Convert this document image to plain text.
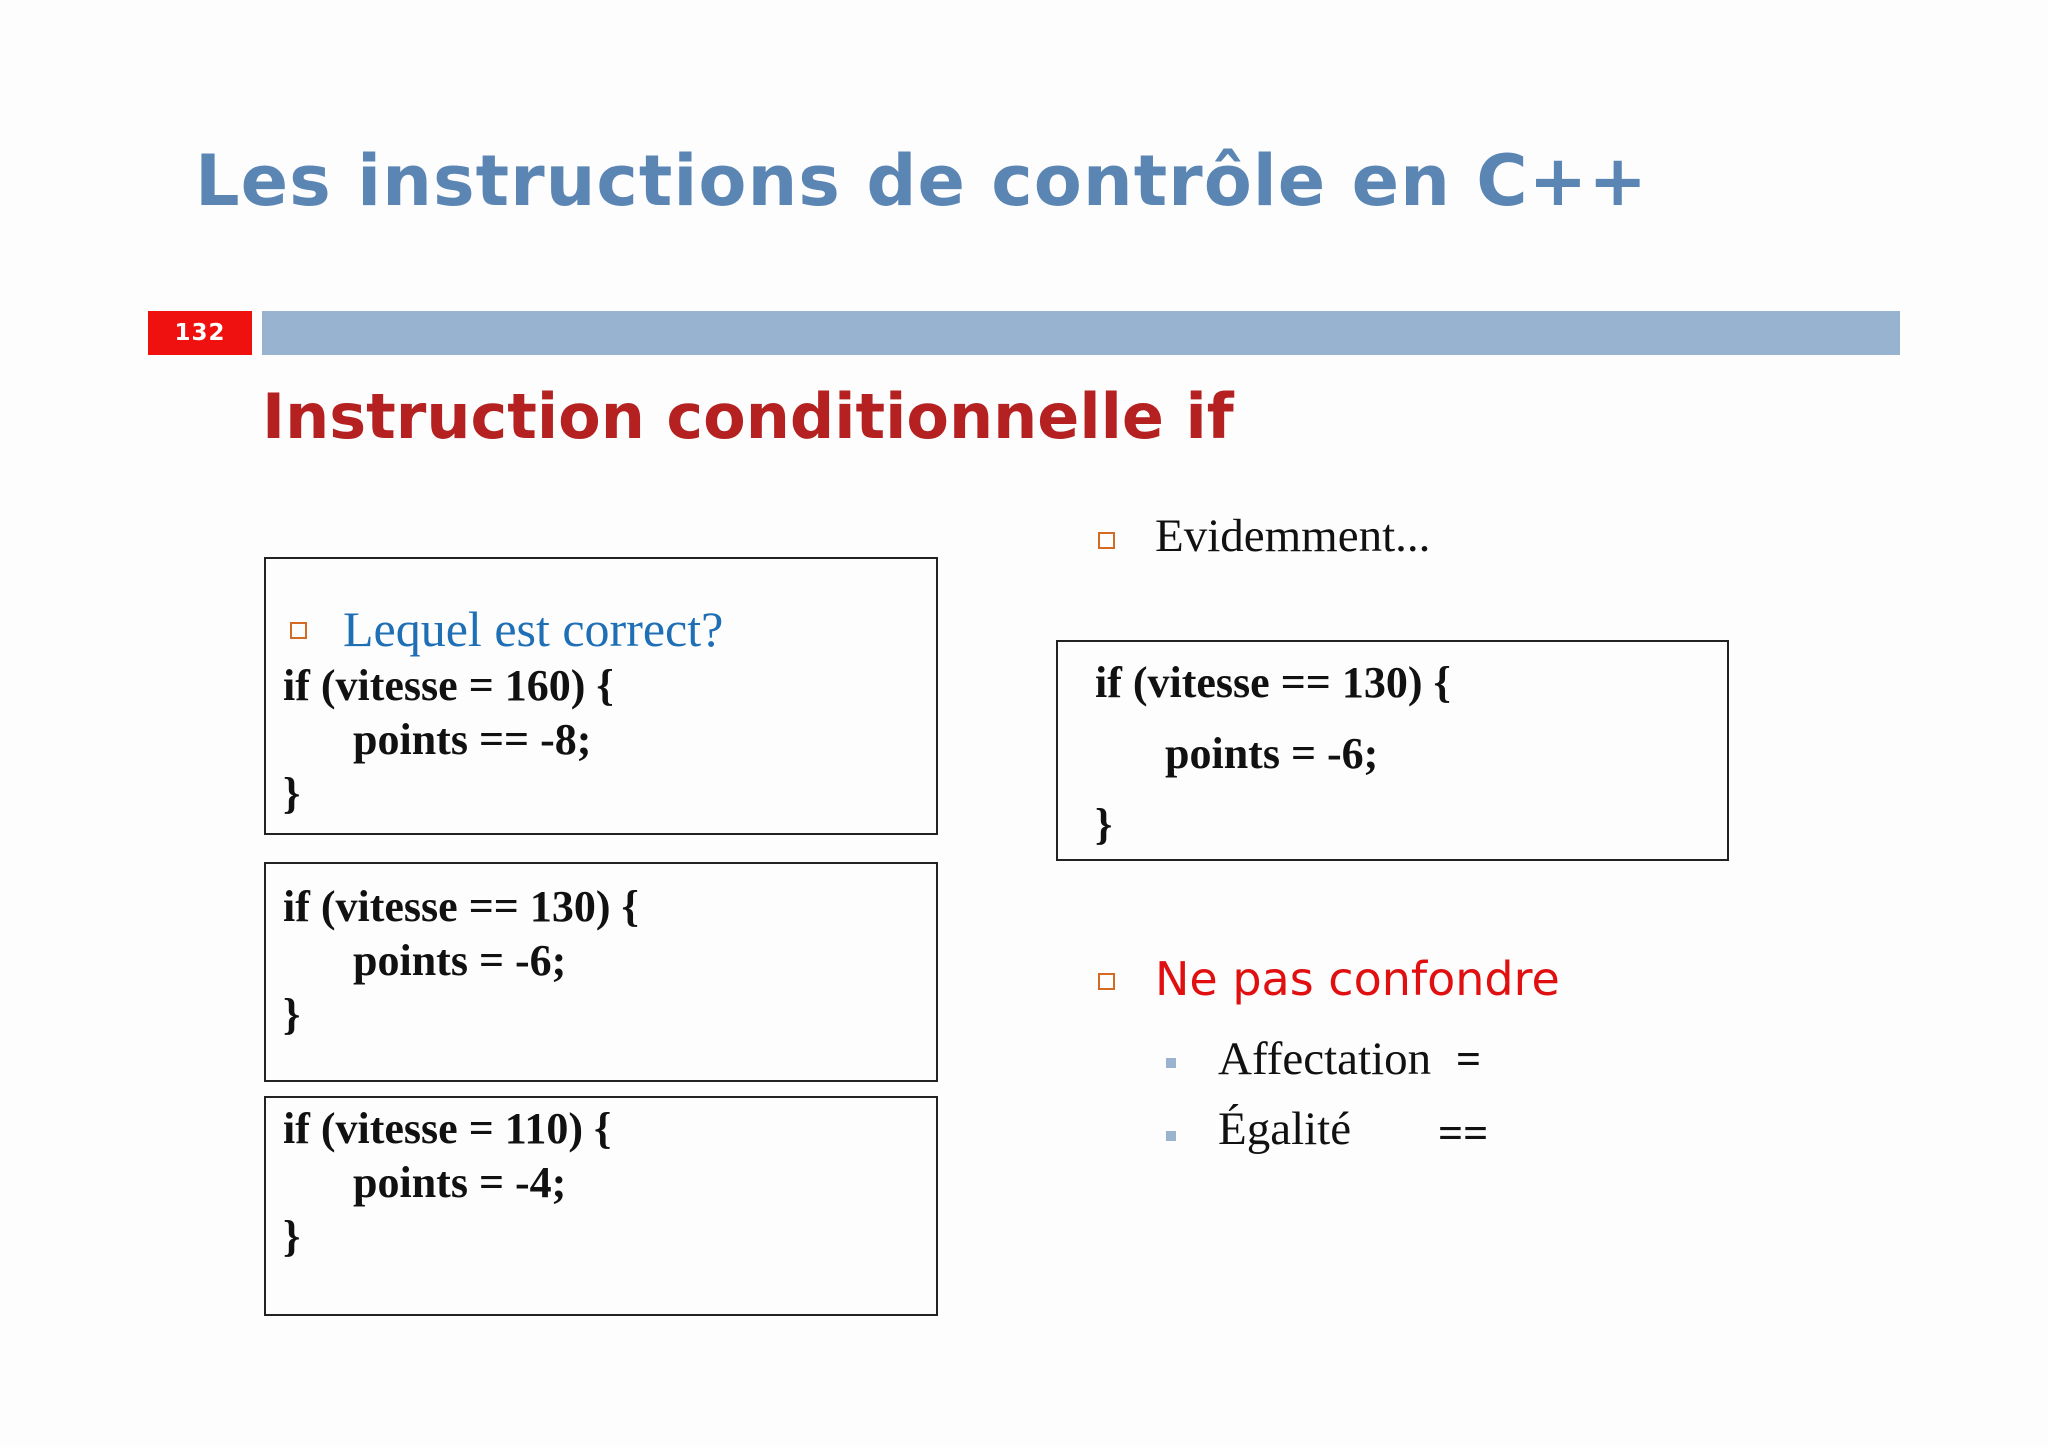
Les instructions de contrôle en C++
132
Instruction conditionnelle if
Lequel est correct?
if (vitesse = 160) {
points == -8;
}
if (vitesse == 130) {
points = -6;
}
if (vitesse = 110) {
points = -4;
}
Evidemment...
if (vitesse == 130) {
points = -6;
}
Ne pas confondre
Affectation =
Égalité ==
